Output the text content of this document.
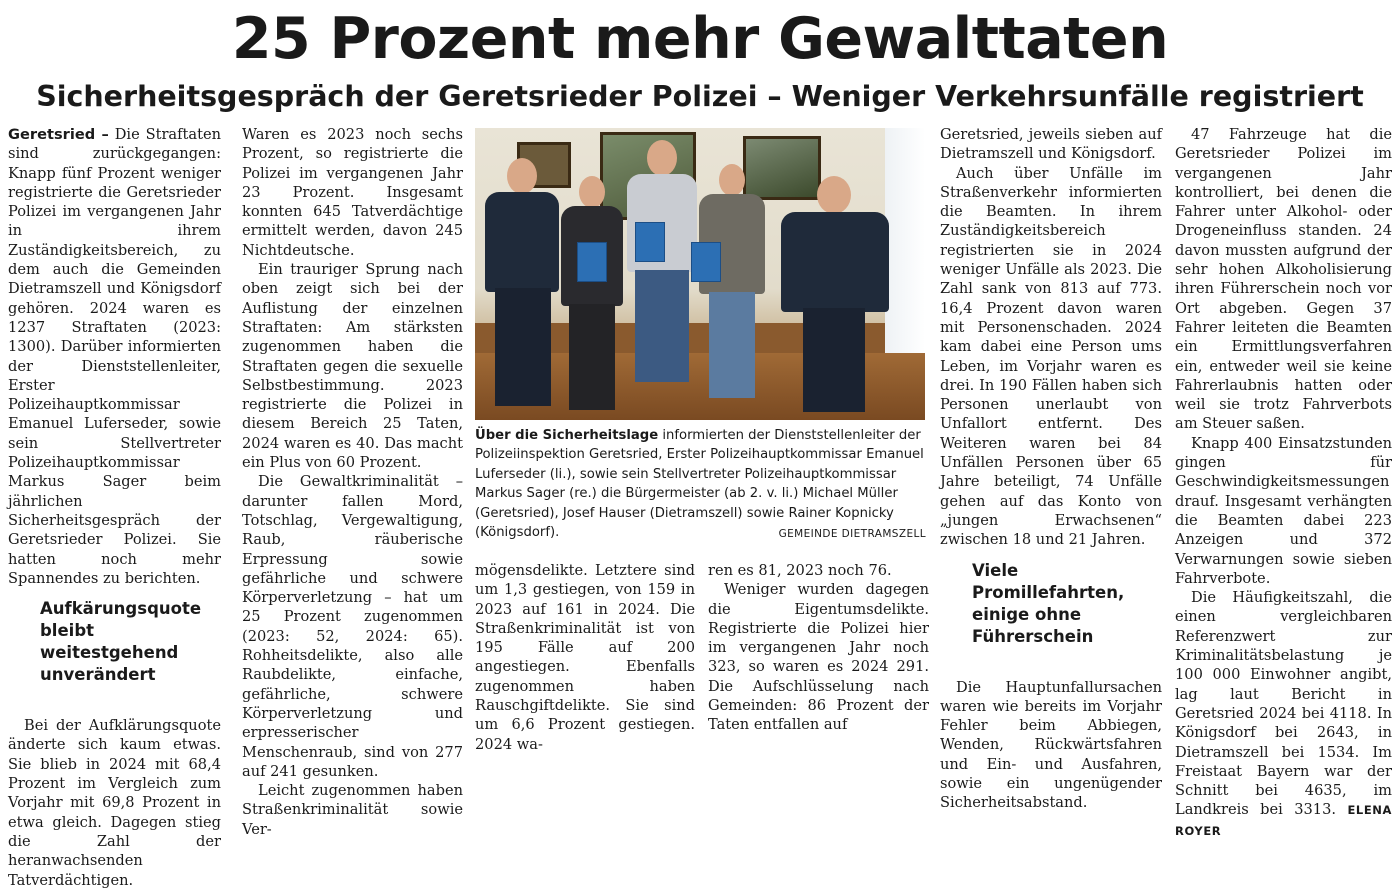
25 Prozent mehr Gewalttaten
Sicherheitsgespräch der Geretsrieder Polizei – Weniger Verkehrsunfälle registriert

Geretsried – Die Straftaten sind zurückgegangen: Knapp fünf Prozent weniger registrierte die Geretsrieder Polizei im vergangenen Jahr in ihrem Zuständigkeitsbereich, zu dem auch die Gemeinden Dietramszell und Königsdorf gehören. 2024 waren es 1237 Straftaten (2023: 1300). Darüber informierten der Dienststellenleiter, Erster Polizeihauptkommissar Emanuel Luferseder, sowie sein Stellvertreter Polizeihauptkommissar Markus Sager beim jährlichen Sicherheitsgespräch der Geretsrieder Polizei. Sie hatten noch mehr Spannendes zu berichten.

Aufkärungsquote bleibt weitestgehend unverändert

Bei der Aufklärungsquote änderte sich kaum etwas. Sie blieb in 2024 mit 68,4 Prozent im Vergleich zum Vorjahr mit 69,8 Prozent in etwa gleich. Dagegen stieg die Zahl der heranwachsenden Tatverdächtigen.

Waren es 2023 noch sechs Prozent, so registrierte die Polizei im vergangenen Jahr 23 Prozent. Insgesamt konnten 645 Tatverdächtige ermittelt werden, davon 245 Nichtdeutsche.

Ein trauriger Sprung nach oben zeigt sich bei der Auflistung der einzelnen Straftaten: Am stärksten zugenommen haben die Straftaten gegen die sexuelle Selbstbestimmung. 2023 registrierte die Polizei in diesem Bereich 25 Taten, 2024 waren es 40. Das macht ein Plus von 60 Prozent.

Die Gewaltkriminalität – darunter fallen Mord, Totschlag, Vergewaltigung, Raub, räuberische Erpressung sowie gefährliche und schwere Körperverletzung – hat um 25 Prozent zugenommen (2023: 52, 2024: 65). Rohheitsdelikte, also alle Raubdelikte, einfache, gefährliche, schwere Körperverletzung und erpresserischer Menschenraub, sind von 277 auf 241 gesunken.

Leicht zugenommen haben Straßenkriminalität sowie Ver-

Über die Sicherheitslage informierten der Dienststellenleiter der Polizeiinspektion Geretsried, Erster Polizeihauptkommissar Emanuel Luferseder (li.), sowie sein Stellvertreter Polizeihauptkommissar Markus Sager (re.) die Bürgermeister (ab 2. v. li.) Michael Müller (Geretsried), Josef Hauser (Dietramszell) sowie Rainer Kopnicky (Königsdorf).	GEMEINDE DIETRAMSZELL

mögensdelikte. Letztere sind um 1,3 gestiegen, von 159 in 2023 auf 161 in 2024. Die Straßenkriminalität ist von 195 Fälle auf 200 angestiegen. Ebenfalls zugenommen haben Rauschgiftdelikte. Sie sind um 6,6 Prozent gestiegen. 2024 wa-

ren es 81, 2023 noch 76.

Weniger wurden dagegen die Eigentumsdelikte. Registrierte die Polizei hier im vergangenen Jahr noch 323, so waren es 2024 291. Die Aufschlüsselung nach Gemeinden: 86 Prozent der Taten entfallen auf

Geretsried, jeweils sieben auf Dietramszell und Königsdorf.

Auch über Unfälle im Straßenverkehr informierten die Beamten. In ihrem Zuständigkeitsbereich registrierten sie in 2024 weniger Unfälle als 2023. Die Zahl sank von 813 auf 773. 16,4 Prozent davon waren mit Personenschaden. 2024 kam dabei eine Person ums Leben, im Vorjahr waren es drei. In 190 Fällen haben sich Personen unerlaubt von Unfallort entfernt. Des Weiteren waren bei 84 Unfällen Personen über 65 Jahre beteiligt, 74 Unfälle gehen auf das Konto von „jungen Erwachsenen“ zwischen 18 und 21 Jahren.

Viele Promillefahrten, einige ohne Führerschein

Die Hauptunfallursachen waren wie bereits im Vorjahr Fehler beim Abbiegen, Wenden, Rückwärtsfahren und Ein- und Ausfahren, sowie ein ungenügender Sicherheitsabstand.

47 Fahrzeuge hat die Geretsrieder Polizei im vergangenen Jahr kontrolliert, bei denen die Fahrer unter Alkohol- oder Drogeneinfluss standen. 24 davon mussten aufgrund der sehr hohen Alkoholisierung ihren Führerschein noch vor Ort abgeben. Gegen 37 Fahrer leiteten die Beamten ein Ermittlungsverfahren ein, entweder weil sie keine Fahrerlaubnis hatten oder weil sie trotz Fahrverbots am Steuer saßen.

Knapp 400 Einsatzstunden gingen für Geschwindigkeitsmessungen drauf. Insgesamt verhängten die Beamten dabei 223 Anzeigen und 372 Verwarnungen sowie sieben Fahrverbote.

Die Häufigkeitszahl, die einen vergleichbaren Referenzwert zur Kriminalitätsbelastung je 100 000 Einwohner angibt, lag laut Bericht in Geretsried 2024 bei 4118. In Königsdorf bei 2643, in Dietramszell bei 1534. Im Freistaat Bayern war der Schnitt bei 4635, im Landkreis bei 3313. ELENA ROYER
